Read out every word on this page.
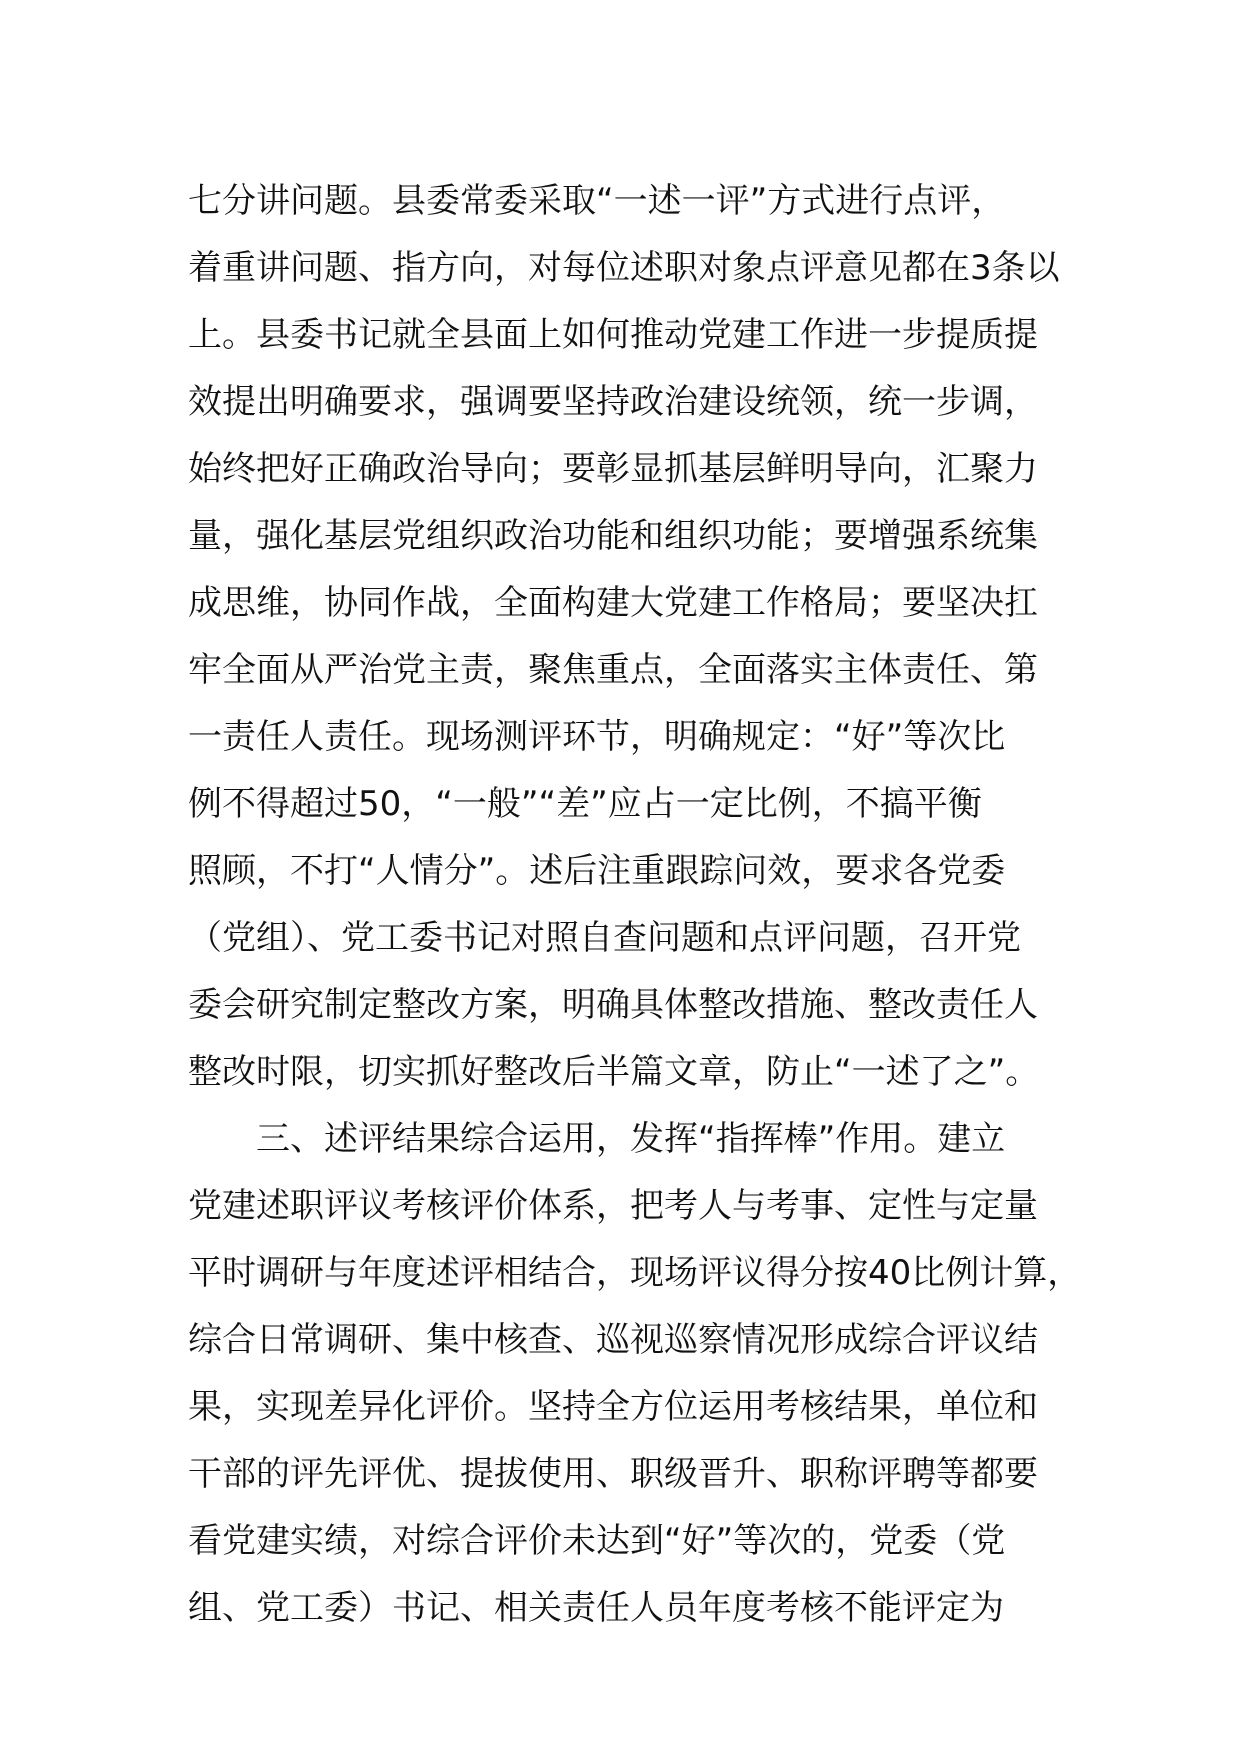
七分讲问题。县委常委采取“一述一评”方式进行点评，
着重讲问题、指方向，对每位述职对象点评意见都在3条以
上。县委书记就全县面上如何推动党建工作进一步提质提
效提出明确要求，强调要坚持政治建设统领，统一步调，
始终把好正确政治导向；要彰显抓基层鲜明导向，汇聚力
量，强化基层党组织政治功能和组织功能；要增强系统集
成思维，协同作战，全面构建大党建工作格局；要坚决扛
牢全面从严治党主责，聚焦重点，全面落实主体责任、第
一责任人责任。现场测评环节，明确规定：“好”等次比
例不得超过50，“一般”“差”应占一定比例，不搞平衡
照顾，不打“人情分”。述后注重跟踪问效，要求各党委
（党组）、党工委书记对照自查问题和点评问题，召开党
委会研究制定整改方案，明确具体整改措施、整改责任人
整改时限，切实抓好整改后半篇文章，防止“一述了之”。
三、述评结果综合运用，发挥“指挥棒”作用。建立
党建述职评议考核评价体系，把考人与考事、定性与定量
平时调研与年度述评相结合，现场评议得分按40比例计算，
综合日常调研、集中核查、巡视巡察情况形成综合评议结
果，实现差异化评价。坚持全方位运用考核结果，单位和
干部的评先评优、提拔使用、职级晋升、职称评聘等都要
看党建实绩，对综合评价未达到“好”等次的，党委（党
组、党工委）书记、相关责任人员年度考核不能评定为
